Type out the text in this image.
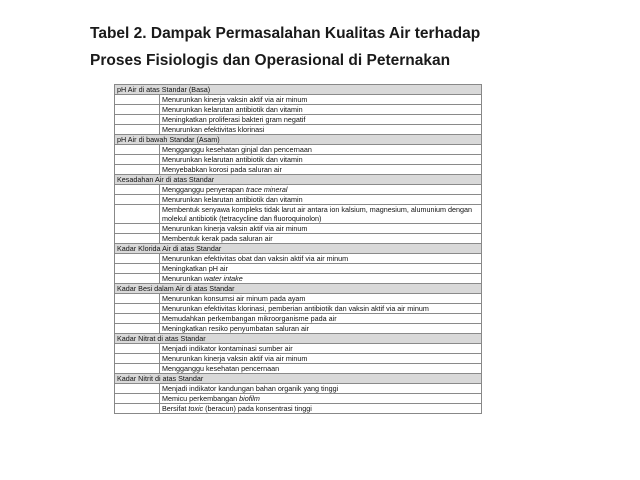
Tabel 2. Dampak Permasalahan Kualitas Air terhadap
Proses Fisiologis dan Operasional di Peternakan
pH Air di atas Standar (Basa)
Menurunkan kinerja vaksin aktif via air minum
Menurunkan kelarutan antibiotik dan vitamin
Meningkatkan proliferasi bakteri gram negatif
Menurunkan efektivitas klorinasi
pH Air di bawah Standar (Asam)
Mengganggu kesehatan ginjal dan pencernaan
Menurunkan kelarutan antibiotik dan vitamin
Menyebabkan korosi pada saluran air
Kesadahan Air di atas Standar
Mengganggu penyerapan trace mineral
Menurunkan kelarutan antibiotik dan vitamin
Membentuk senyawa kompleks tidak larut air antara ion kalsium, magnesium, alumunium dengan molekul antibiotik (tetracycline dan fluoroquinolon)
Menurunkan kinerja vaksin aktif via air minum
Membentuk kerak pada saluran air
Kadar Klorida Air di atas Standar
Menurunkan efektivitas obat dan vaksin aktif via air minum
Meningkatkan pH air
Menurunkan water intake
Kadar Besi dalam Air di atas Standar
Menurunkan konsumsi air minum pada ayam
Menurunkan efektivitas klorinasi, pemberian antibiotik dan vaksin aktif via air minum
Memudahkan perkembangan mikroorganisme pada air
Meningkatkan resiko penyumbatan saluran air
Kadar Nitrat di atas Standar
Menjadi indikator kontaminasi sumber air
Menurunkan kinerja vaksin aktif via air minum
Mengganggu kesehatan pencernaan
Kadar Nitrit di atas Standar
Menjadi indikator kandungan bahan organik yang tinggi
Memicu perkembangan biofilm
Bersifat toxic (beracun) pada konsentrasi tinggi
